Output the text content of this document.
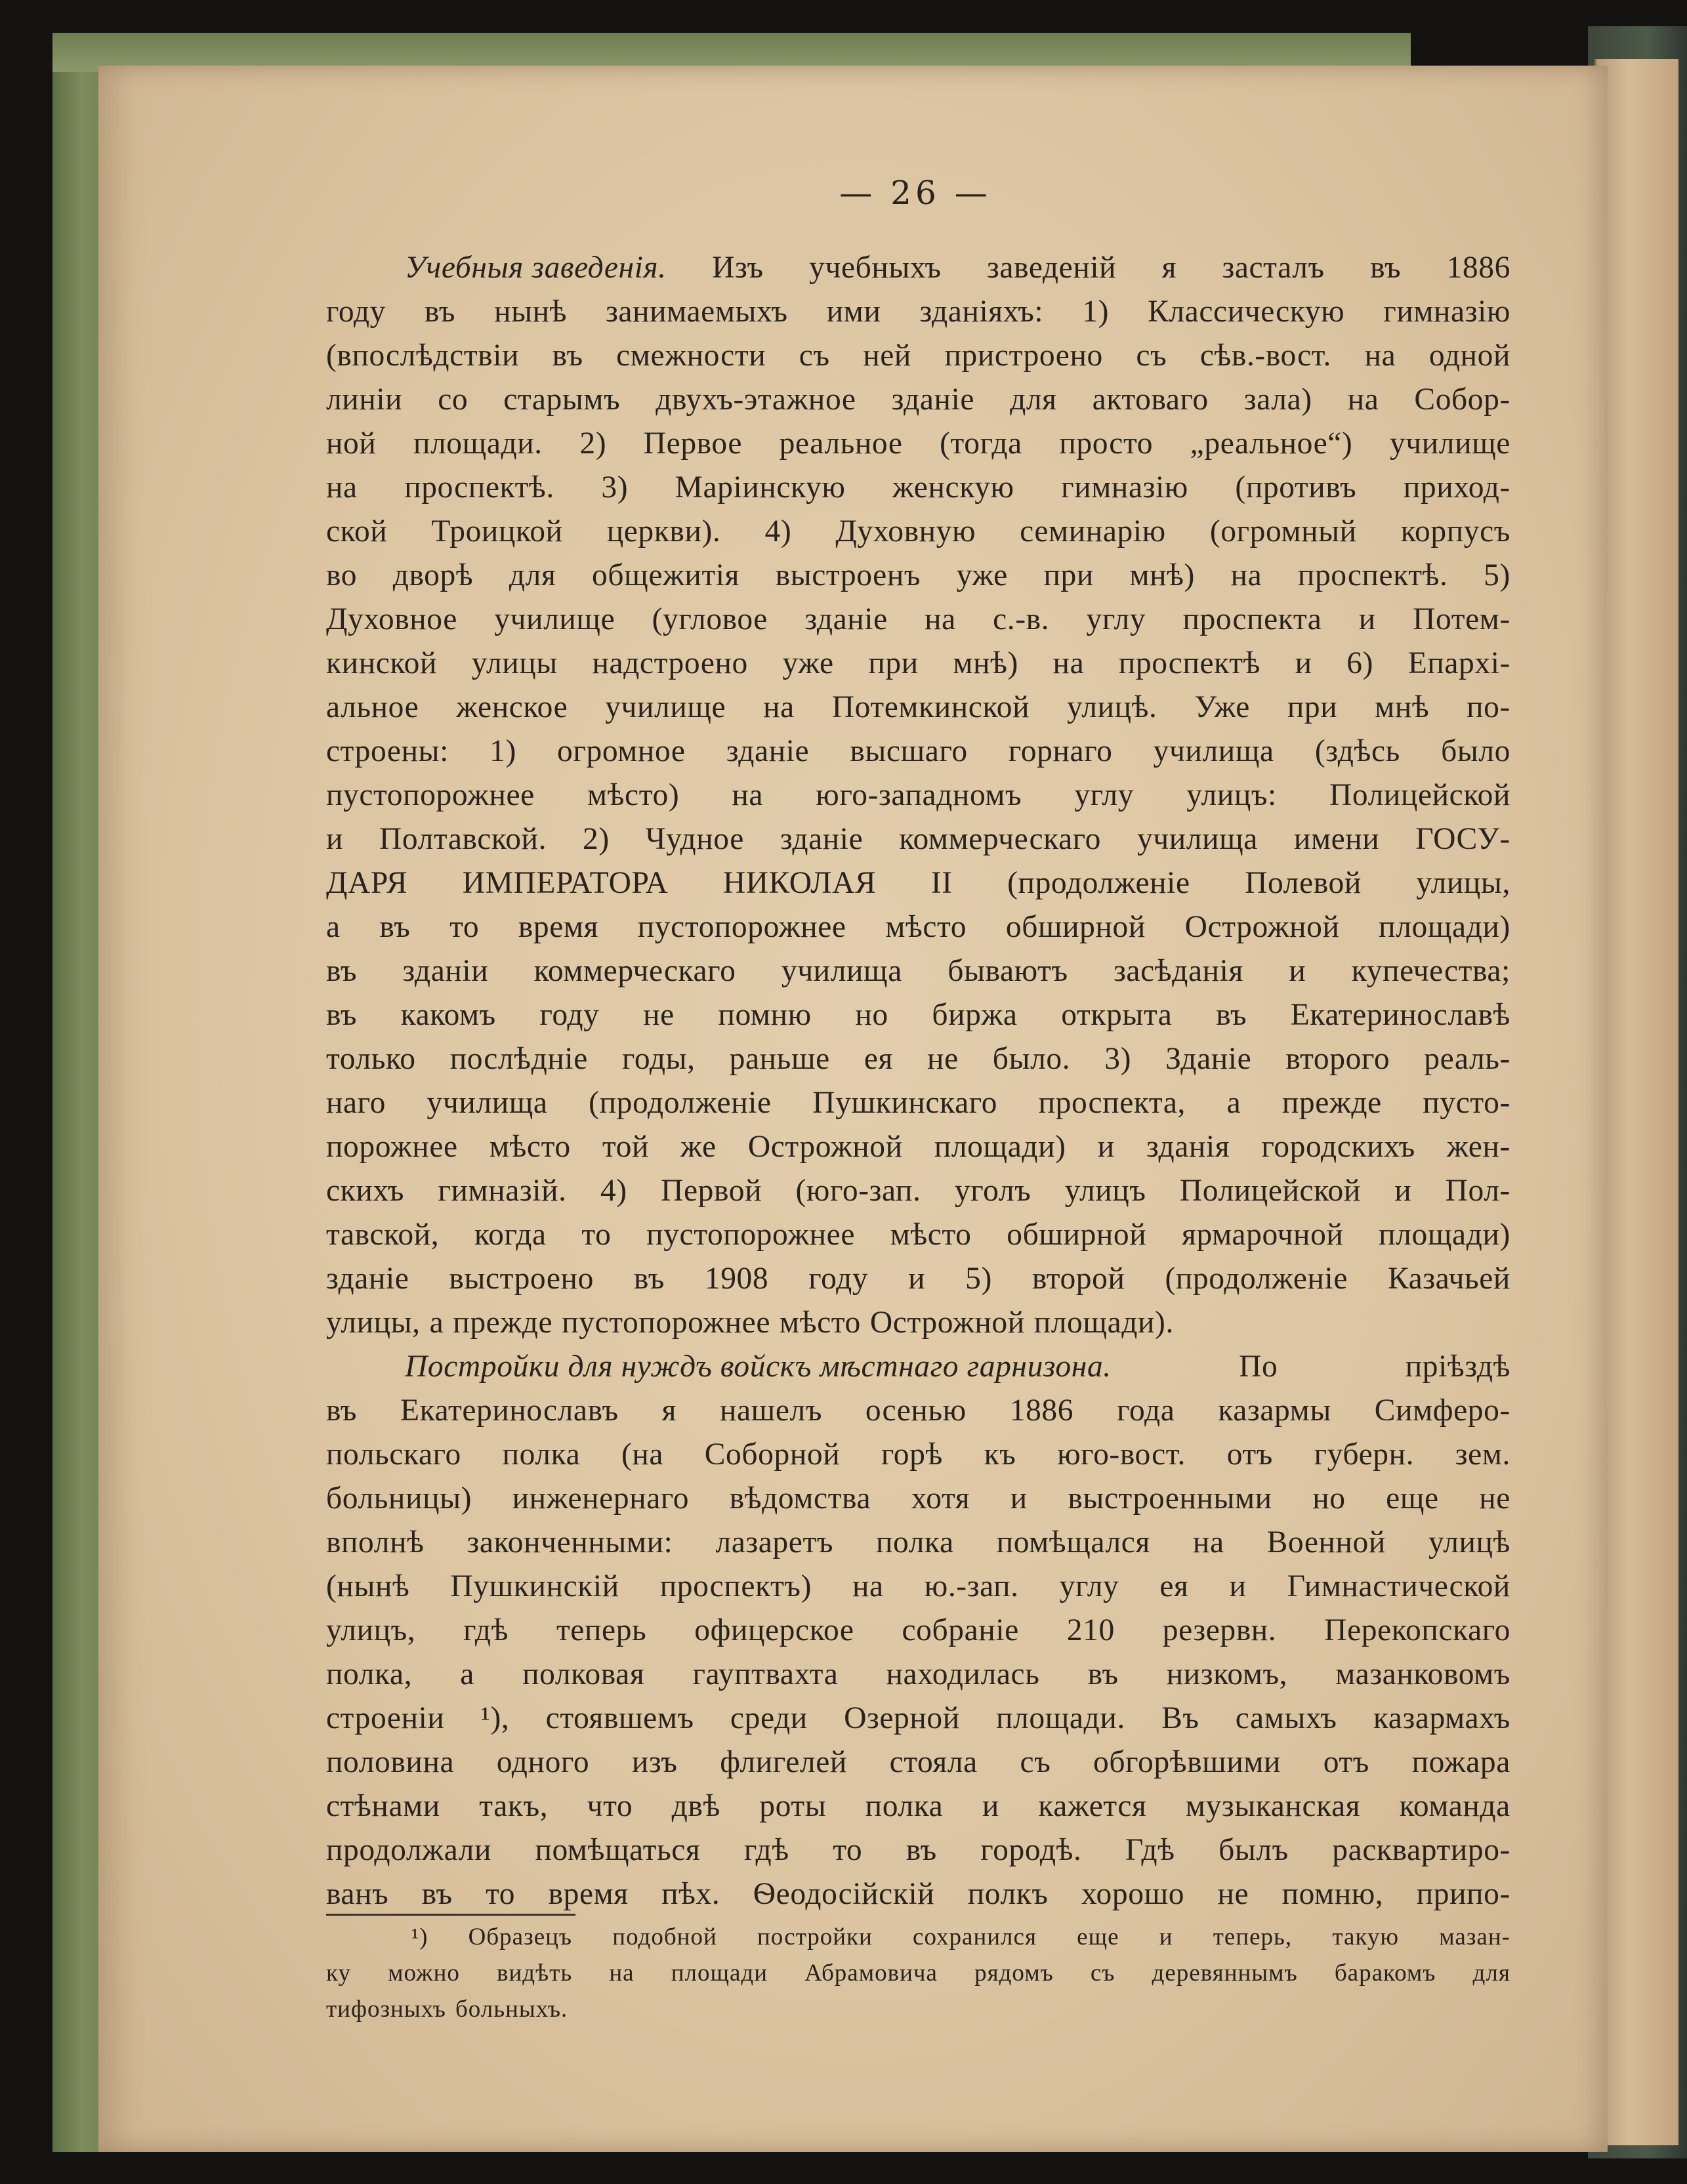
— 26 —
Учебныя заведенія. Изъ учебныхъ заведеній я засталъ въ 1886
году въ нынѣ занимаемыхъ ими зданіяхъ: 1) Классическую гимназію
(впослѣдствіи въ смежности съ ней пристроено съ сѣв.-вост. на одной
линіи со старымъ двухъ-этажное зданіе для актоваго зала) на Собор-
ной площади. 2) Первое реальное (тогда просто „реальное“) училище
на проспектѣ. 3) Маріинскую женскую гимназію (противъ приход-
ской Троицкой церкви). 4) Духовную семинарію (огромный корпусъ
во дворѣ для общежитія выстроенъ уже при мнѣ) на проспектѣ. 5)
Духовное училище (угловое зданіе на с.-в. углу проспекта и Потем-
кинской улицы надстроено уже при мнѣ) на проспектѣ и 6) Епархі-
альное женское училище на Потемкинской улицѣ. Уже при мнѣ по-
строены: 1) огромное зданіе высшаго горнаго училища (здѣсь было
пустопорожнее мѣсто) на юго-западномъ углу улицъ: Полицейской
и Полтавской. 2) Чудное зданіе коммерческаго училища имени ГОСУ-
ДАРЯ ИМПЕРАТОРА НИКОЛАЯ II (продолженіе Полевой улицы,
а въ то время пустопорожнее мѣсто обширной Острожной площади)
въ зданіи коммерческаго училища бываютъ засѣданія и купечества;
въ какомъ году не помню но биржа открыта въ Екатеринославѣ
только послѣдніе годы, раньше ея не было. 3) Зданіе второго реаль-
наго училища (продолженіе Пушкинскаго проспекта, а прежде пусто-
порожнее мѣсто той же Острожной площади) и зданія городскихъ жен-
скихъ гимназій. 4) Первой (юго-зап. уголъ улицъ Полицейской и Пол-
тавской, когда то пустопорожнее мѣсто обширной ярмарочной площади)
зданіе выстроено въ 1908 году и 5) второй (продолженіе Казачьей
улицы, а прежде пустопорожнее мѣсто Острожной площади).
Постройки для нуждъ войскъ мѣстнаго гарнизона.	По	пріѣздѣ
въ Екатеринославъ я нашелъ осенью 1886 года казармы Симферо-
польскаго полка (на Соборной горѣ къ юго-вост. отъ губерн. зем.
больницы) инженернаго вѣдомства хотя и выстроенными но еще не
вполнѣ законченными: лазаретъ полка помѣщался на Военной улицѣ
(нынѣ Пушкинскій проспектъ) на ю.-зап. углу ея и Гимнастической
улицъ, гдѣ теперь офицерское собраніе 210 резервн. Перекопскаго
полка, а полковая гауптвахта находилась въ низкомъ, мазанковомъ
строеніи ¹), стоявшемъ среди Озерной площади. Въ самыхъ казармахъ
половина одного изъ флигелей стояла съ обгорѣвшими отъ пожара
стѣнами такъ, что двѣ роты полка и кажется музыканская команда
продолжали помѣщаться гдѣ то въ городѣ. Гдѣ былъ расквартиро-
ванъ въ то время пѣх. Ѳеодосійскій полкъ хорошо не помню, припо-
¹) Образецъ подобной постройки сохранился еще и теперь, такую мазан-
ку можно видѣть на площади Абрамовича рядомъ съ деревяннымъ баракомъ для
тифозныхъ больныхъ.
